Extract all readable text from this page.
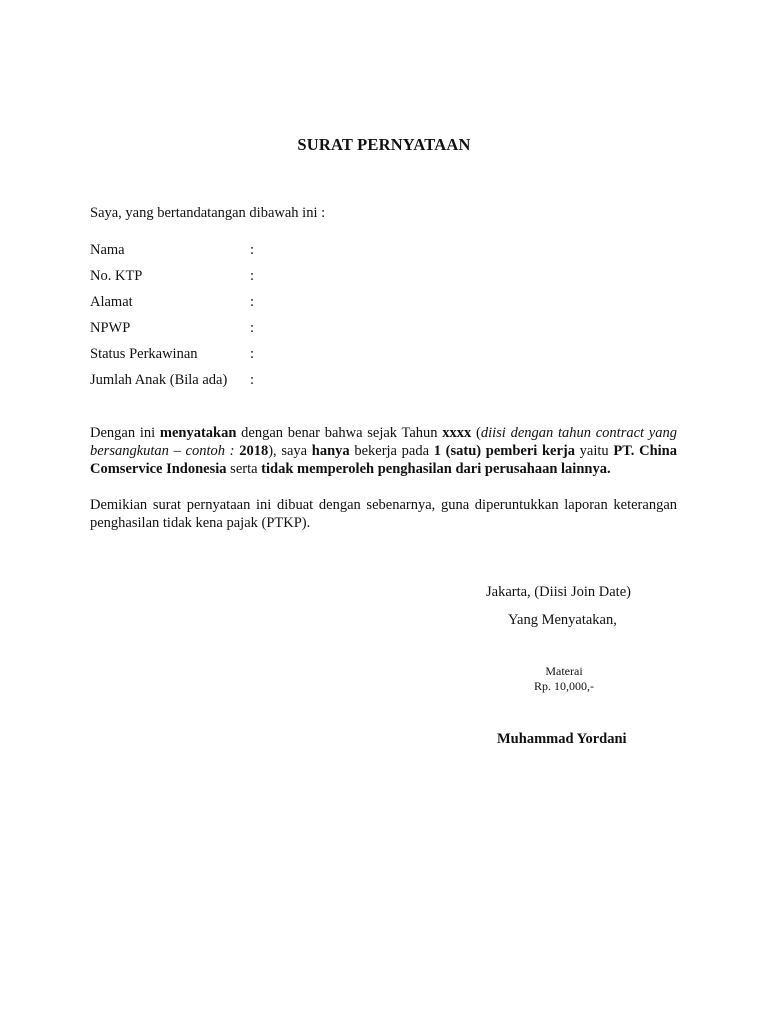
SURAT PERNYATAAN
Saya, yang bertandatangan dibawah ini :
Nama	:
No. KTP	:
Alamat	:
NPWP	:
Status Perkawinan	:
Jumlah Anak (Bila ada)	:
Dengan ini menyatakan dengan benar bahwa sejak Tahun xxxx (diisi dengan tahun contract yang bersangkutan – contoh : 2018), saya hanya bekerja pada 1 (satu) pemberi kerja yaitu PT. China Comservice Indonesia serta tidak memperoleh penghasilan dari perusahaan lainnya.
Demikian surat pernyataan ini dibuat dengan sebenarnya, guna diperuntukkan laporan keterangan penghasilan tidak kena pajak (PTKP).
Jakarta, (Diisi Join Date)
Yang Menyatakan,
Materai
Rp. 10,000,-
Muhammad Yordani
